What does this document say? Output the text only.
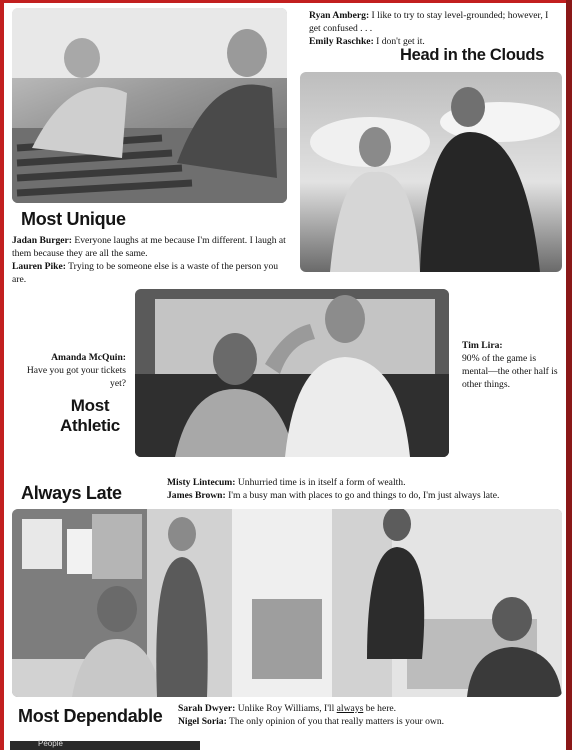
Ryan Amberg: I like to try to stay level-grounded; however, I get confused . . .
Emily Raschke: I don't get it.
Head in the Clouds
Most Unique
Jadan Burger: Everyone laughs at me because I'm different. I laugh at them because they are all the same.
Lauren Pike: Trying to be someone else is a waste of the person you are.
Amanda McQuin:
Have you got your tickets yet?
Tim Lira:
90% of the game is mental—the other half is other things.
Most
Athletic
Always Late
Misty Lintecum: Unhurried time is in itself a form of wealth.
James Brown: I'm a busy man with places to go and things to do, I'm just always late.
Most Dependable Sarah Dwyer: Unlike Roy Williams, I'll always be here.
Nigel Soria: The only opinion of you that really matters is your own.
People
